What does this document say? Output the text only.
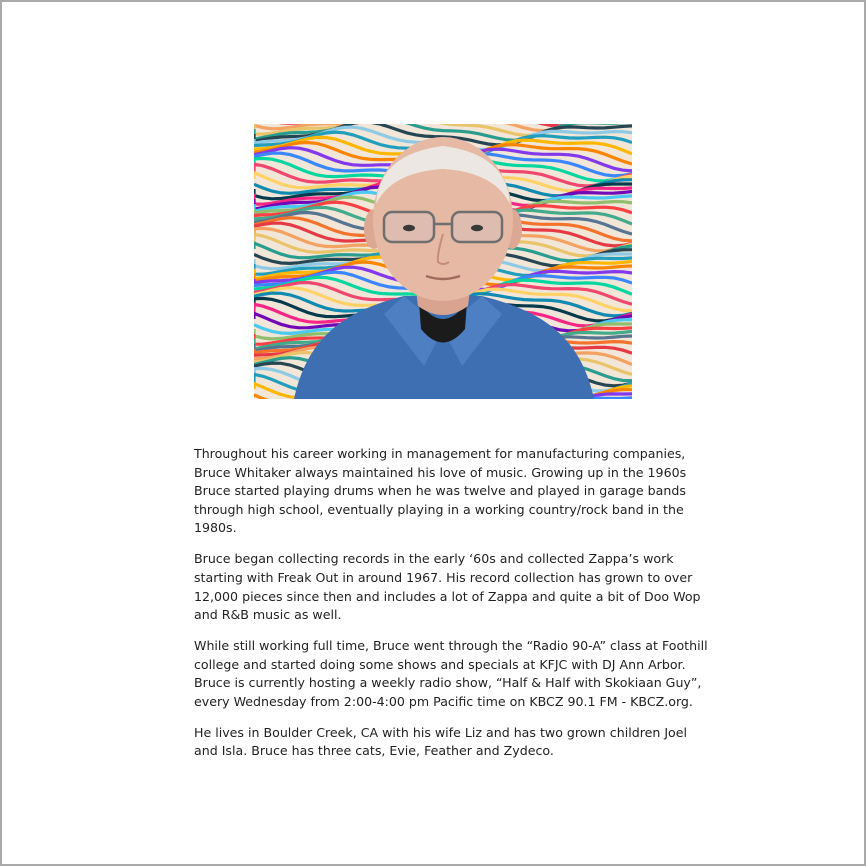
Throughout his career working in management for manufacturing companies, Bruce Whitaker always maintained his love of music. Growing up in the 1960s Bruce started playing drums when he was twelve and played in garage bands through high school, eventually playing in a working country/rock band in the 1980s.

Bruce began collecting records in the early ‘60s and collected Zappa’s work starting with Freak Out in around 1967. His record collection has grown to over 12,000 pieces since then and includes a lot of Zappa and quite a bit of Doo Wop and R&B music as well.

While still working full time, Bruce went through the “Radio 90-A” class at Foothill college and started doing some shows and specials at KFJC with DJ Ann Arbor. Bruce is currently hosting a weekly radio show, “Half & Half with Skokiaan Guy”, every Wednesday from 2:00-4:00 pm Pacific time on KBCZ 90.1 FM - KBCZ.org.

He lives in Boulder Creek, CA with his wife Liz and has two grown children Joel and Isla. Bruce has three cats, Evie, Feather and Zydeco.
